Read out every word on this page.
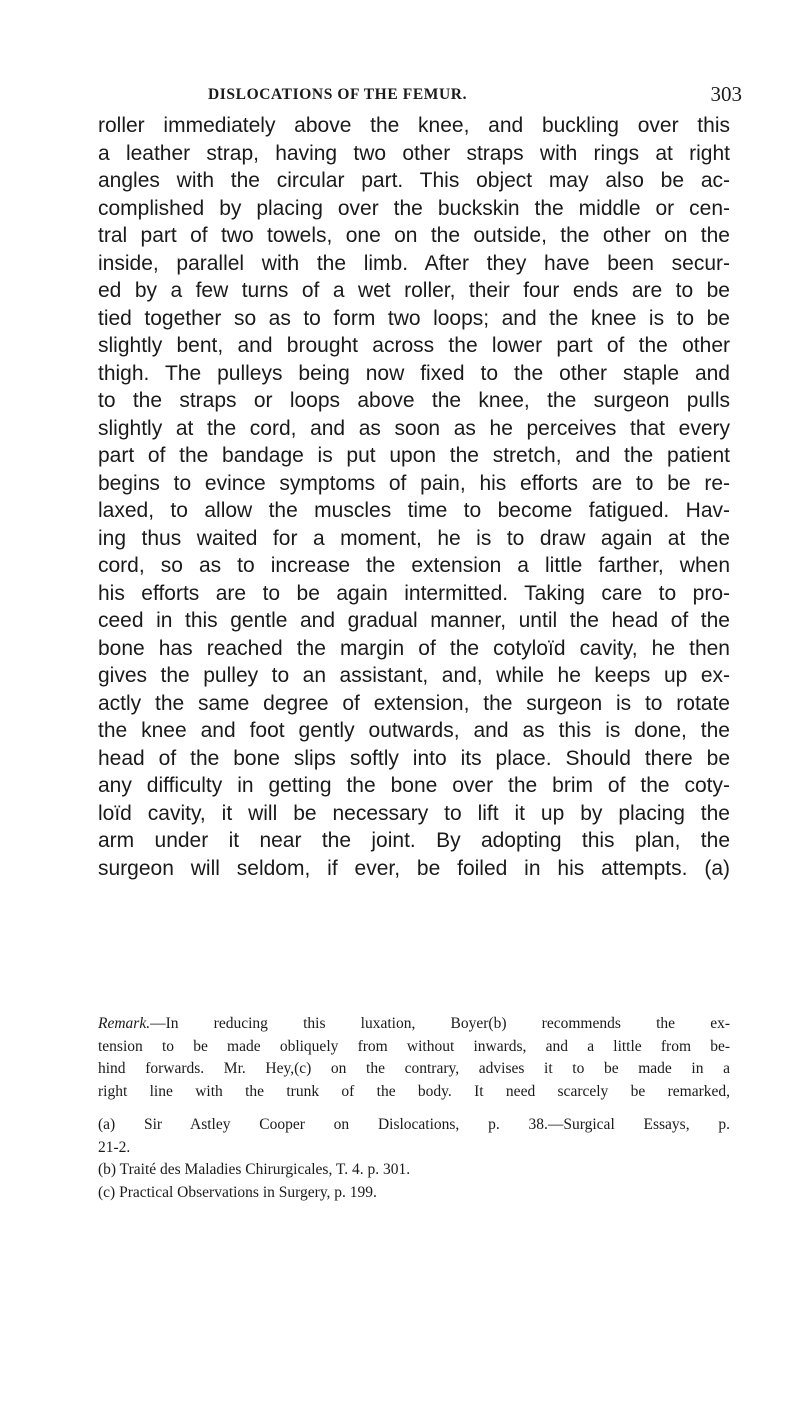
DISLOCATIONS OF THE FEMUR.	303
roller immediately above the knee, and buckling over this
a leather strap, having two other straps with rings at right
angles with the circular part. This object may also be ac-
complished by placing over the buckskin the middle or cen-
tral part of two towels, one on the outside, the other on the
inside, parallel with the limb. After they have been secur-
ed by a few turns of a wet roller, their four ends are to be
tied together so as to form two loops; and the knee is to be
slightly bent, and brought across the lower part of the other
thigh. The pulleys being now fixed to the other staple and
to the straps or loops above the knee, the surgeon pulls
slightly at the cord, and as soon as he perceives that every
part of the bandage is put upon the stretch, and the patient
begins to evince symptoms of pain, his efforts are to be re-
laxed, to allow the muscles time to become fatigued. Hav-
ing thus waited for a moment, he is to draw again at the
cord, so as to increase the extension a little farther, when
his efforts are to be again intermitted. Taking care to pro-
ceed in this gentle and gradual manner, until the head of the
bone has reached the margin of the cotyloïd cavity, he then
gives the pulley to an assistant, and, while he keeps up ex-
actly the same degree of extension, the surgeon is to rotate
the knee and foot gently outwards, and as this is done, the
head of the bone slips softly into its place. Should there be
any difficulty in getting the bone over the brim of the coty-
loïd cavity, it will be necessary to lift it up by placing the
arm under it near the joint. By adopting this plan, the
surgeon will seldom, if ever, be foiled in his attempts. (a)
Remark.—In reducing this luxation, Boyer(b) recommends the ex-
tension to be made obliquely from without inwards, and a little from be-
hind forwards. Mr. Hey,(c) on the contrary, advises it to be made in a
right line with the trunk of the body. It need scarcely be remarked,
(a) Sir Astley Cooper on Dislocations, p. 38.—Surgical Essays, p.
21-2.
(b) Traité des Maladies Chirurgicales, T. 4. p. 301.
(c) Practical Observations in Surgery, p. 199.
